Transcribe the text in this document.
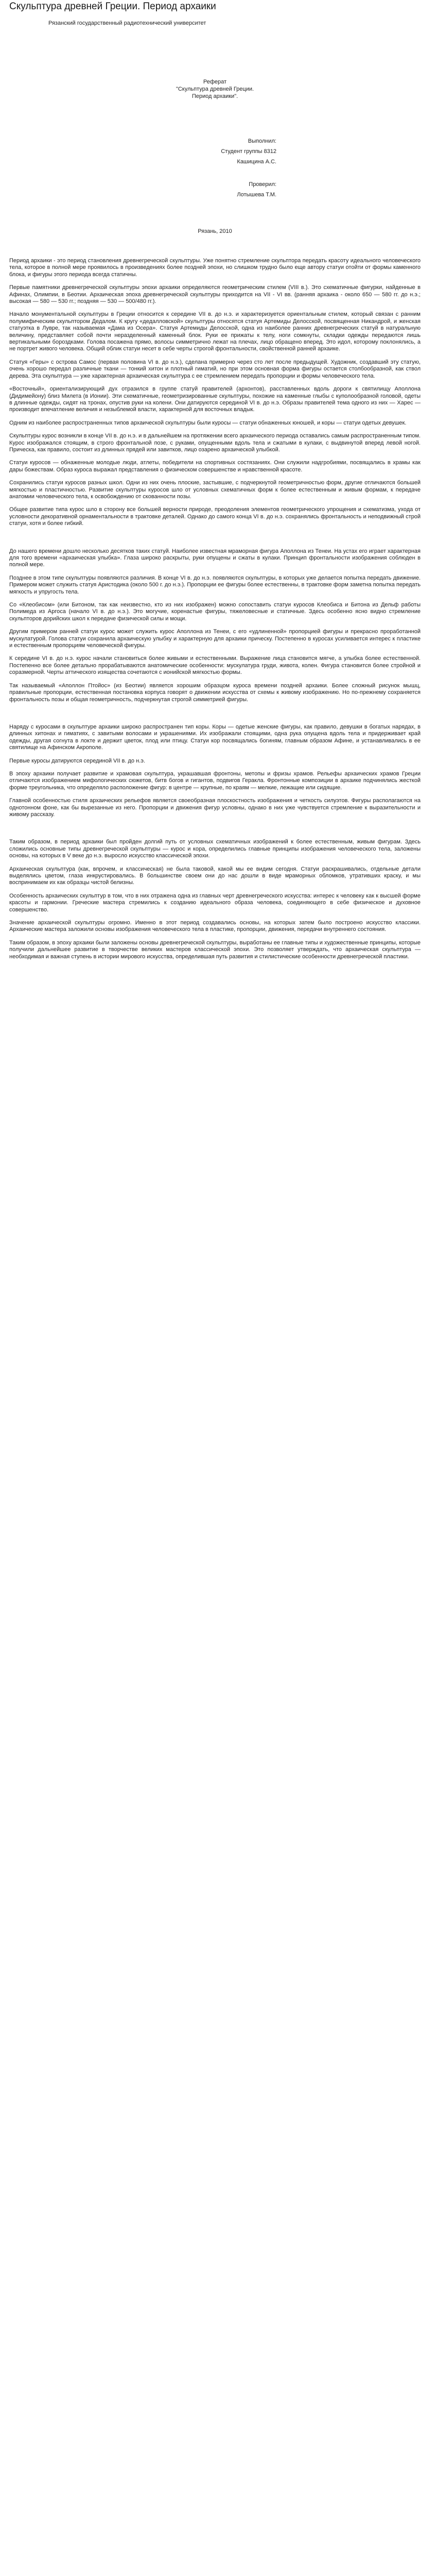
Скульптура древней Греции. Период архаики
Рязанский государственный радиотехнический университет
Реферат
"Скульптура древней Греции.
Период архаики".
Выполнил:
Студент группы 8312
Кашицина А.С.
Проверил:
Лотышева Т.М.
Рязань, 2010

Период архаики - это период становления древнегреческой скульптуры. Уже понятно стремление скульптора передать красоту идеального человеческого тела, которое в полной мере проявилось в произведениях более поздней эпохи, но слишком трудно было еще автору статуи отойти от формы каменного блока, и фигуры этого периода всегда статичны.

Первые памятники древнегреческой скульптуры эпохи архаики определяются геометрическим стилем (VIII в.). Это схематичные фигурки, найденные в Афинах, Олимпии, в Беотии. Архаическая эпоха древнегреческой скульптуры приходится на VII - VI вв. (ранняя архаика - около 650 — 580 гг. до н.э.; высокая — 580 — 530 гг.; поздняя — 530 — 500/480 гг.).

Начало монументальной скульптуры в Греции относится к середине VII в. до н.э. и характеризуется ориентальным стилем, который связан с ранним полумифическим скульптором Дедалом. К кругу «дедалловской» скульптуры относятся статуя Артемиды Делосской, посвященная Никандрой, и женская статуэтка в Лувре, так называемая «Дама из Осера». Статуя Артемиды Делосской, одна из наиболее ранних древнегреческих статуй в натуральную величину, представляет собой почти неразделенный каменный блок. Руки ее прижаты к телу, ноги сомкнуты, складки одежды передаются лишь вертикальными бороздками. Голова посажена прямо, волосы симметрично лежат на плечах, лицо обращено вперед. Это идол, которому поклонялись, а не портрет живого человека. Общий облик статуи несет в себе черты строгой фронтальности, свойственной ранней архаике.

Статуя «Геры» с острова Самос (первая половина VI в. до н.э.), сделана примерно через сто лет после предыдущей. Художник, создавший эту статую, очень хорошо передал различные ткани — тонкий хитон и плотный гиматий, но при этом основная форма фигуры остается столбообразной, как ствол дерева. Эта скульптура — уже характерная архаическая скульптура с ее стремлением передать пропорции и формы человеческого тела.

«Восточный», ориентализирующий дух отразился в группе статуй правителей (архонтов), расставленных вдоль дороги к святилищу Аполлона (Дидимейону) близ Милета (в Ионии). Эти схематичные, геометризированные скульптуры, похожие на каменные глыбы с куполообразной головой, одеты в длинные одежды, сидят на тронах, опустив руки на колени. Они датируются серединой VI в. до н.э. Образы правителей тема одного из них — Харес — производит впечатление величия и незыблемой власти, характерной для восточных владык.

Одним из наиболее распространенных типов архаической скульптуры были куросы — статуи обнаженных юношей, и коры — статуи одетых девушек.

Скульптуры курос возникли в конце VII в. до н.э. и в дальнейшем на протяжении всего архаического периода оставались самым распространенным типом. Курос изображался стоящим, в строго фронтальной позе, с руками, опущенными вдоль тела и сжатыми в кулаки, с выдвинутой вперед левой ногой. Прическа, как правило, состоит из длинных прядей или завитков, лицо озарено архаической улыбкой.

Статуи куросов — обнаженные молодые люди, атлеты, победители на спортивных состязаниях. Они служили надгробиями, посвящались в храмы как дары божествам. Образ куроса выражал представления о физическом совершенстве и нравственной красоте.

Сохранились статуи куросов разных школ. Одни из них очень плоские, застывшие, с подчеркнутой геометричностью форм, другие отличаются большей мягкостью и пластичностью. Развитие скульптуры куросов шло от условных схематичных форм к более естественным и живым формам, к передаче анатомии человеческого тела, к освобождению от скованности позы.

Общее развитие типа курос шло в сторону все большей верности природе, преодоления элементов геометрического упрощения и схематизма, ухода от условности декоративной орнаментальности в трактовке деталей. Однако до самого конца VI в. до н.э. сохранялись фронтальность и неподвижный строй статуи, хотя и более гибкий.

До нашего времени дошло несколько десятков таких статуй. Наиболее известная мраморная фигура Аполлона из Тенеи. На устах его играет характерная для того времени «архаическая улыбка». Глаза широко раскрыты, руки опущены и сжаты в кулаки. Принцип фронтальности изображения соблюден в полной мере.

Позднее в этом типе скульптуры появляются различия. В конце VI в. до н.э. появляются скульптуры, в которых уже делается попытка передать движение. Примером может служить статуя Аристодика (около 500 г. до н.э.). Пропорции ее фигуры более естественны, в трактовке форм заметна попытка передать мягкость и упругость тела.

Со «Клеобисом» (или Битоном, так как неизвестно, кто из них изображен) можно сопоставить статуи куросов Клеобиса и Битона из Дельф работы Полимеда из Аргоса (начало VI в. до н.э.). Это могучие, коренастые фигуры, тяжеловесные и статичные. Здесь особенно ясно видно стремление скульпторов дорийских школ к передаче физической силы и мощи.

Другим примером ранней статуи курос может служить курос Аполлона из Тенеи, с его «удлиненной» пропорцией фигуры и прекрасно проработанной мускулатурой. Голова статуи сохранила архаическую улыбку и характерную для архаики прическу. Постепенно в куросах усиливается интерес к пластике и естественным пропорциям человеческой фигуры.

К середине VI в. до н.э. курос начали становиться более живыми и естественными. Выражение лица становится мягче, а улыбка более естественной. Постепенно все более детально прорабатываются анатомические особенности: мускулатура груди, живота, колен. Фигура становится более стройной и соразмерной. Черты аттического изящества сочетаются с ионийской мягкостью формы.

Так называемый «Аполлон Птойос» (из Беотии) является хорошим образцом куроса времени поздней архаики. Более сложный рисунок мышц, правильные пропорции, естественная постановка корпуса говорят о движении искусства от схемы к живому изображению. Но по-прежнему сохраняется фронтальность позы и общая геометричность, подчеркнутая строгой симметрией фигуры.

Наряду с куросами в скульптуре архаики широко распространен тип коры. Коры — одетые женские фигуры, как правило, девушки в богатых нарядах, в длинных хитонах и гиматиях, с завитыми волосами и украшениями. Их изображали стоящими, одна рука опущена вдоль тела и придерживает край одежды, другая согнута в локте и держит цветок, плод или птицу. Статуи кор посвящались богиням, главным образом Афине, и устанавливались в ее святилище на Афинском Акрополе.

Первые куросы датируются серединой VII в. до н.э.

В эпоху архаики получает развитие и храмовая скульптура, украшавшая фронтоны, метопы и фризы храмов. Рельефы архаических храмов Греции отличаются изображением мифологических сюжетов, битв богов и гигантов, подвигов Геракла. Фронтонные композиции в архаике подчинялись жесткой форме треугольника, что определяло расположение фигур: в центре — крупные, по краям — мелкие, лежащие или сидящие.

Главной особенностью стиля архаических рельефов является своеобразная плоскостность изображения и четкость силуэтов. Фигуры располагаются на однотонном фоне, как бы вырезанные из него. Пропорции и движения фигур условны, однако в них уже чувствуется стремление к выразительности и живому рассказу.

Таким образом, в период архаики был пройден долгий путь от условных схематичных изображений к более естественным, живым фигурам. Здесь сложились основные типы древнегреческой скульптуры — курос и кора, определились главные принципы изображения человеческого тела, заложены основы, на которых в V веке до н.э. выросло искусство классической эпохи.

Архаическая скульптура (как, впрочем, и классическая) не была таковой, какой мы ее видим сегодня. Статуи раскрашивались, отдельные детали выделялись цветом, глаза инкрустировались. В большинстве своем они до нас дошли в виде мраморных обломков, утративших краску, и мы воспринимаем их как образцы чистой белизны.

Особенность архаических скульптур в том, что в них отражена одна из главных черт древнегреческого искусства: интерес к человеку как к высшей форме красоты и гармонии. Греческие мастера стремились к созданию идеального образа человека, соединяющего в себе физическое и духовное совершенство.

Значение архаической скульптуры огромно. Именно в этот период создавались основы, на которых затем было построено искусство классики. Архаические мастера заложили основы изображения человеческого тела в пластике, пропорции, движения, передачи внутреннего состояния.

Таким образом, в эпоху архаики были заложены основы древнегреческой скульптуры, выработаны ее главные типы и художественные принципы, которые получили дальнейшее развитие в творчестве великих мастеров классической эпохи. Это позволяет утверждать, что архаическая скульптура — необходимая и важная ступень в истории мирового искусства, определившая путь развития и стилистические особенности древнегреческой пластики.
